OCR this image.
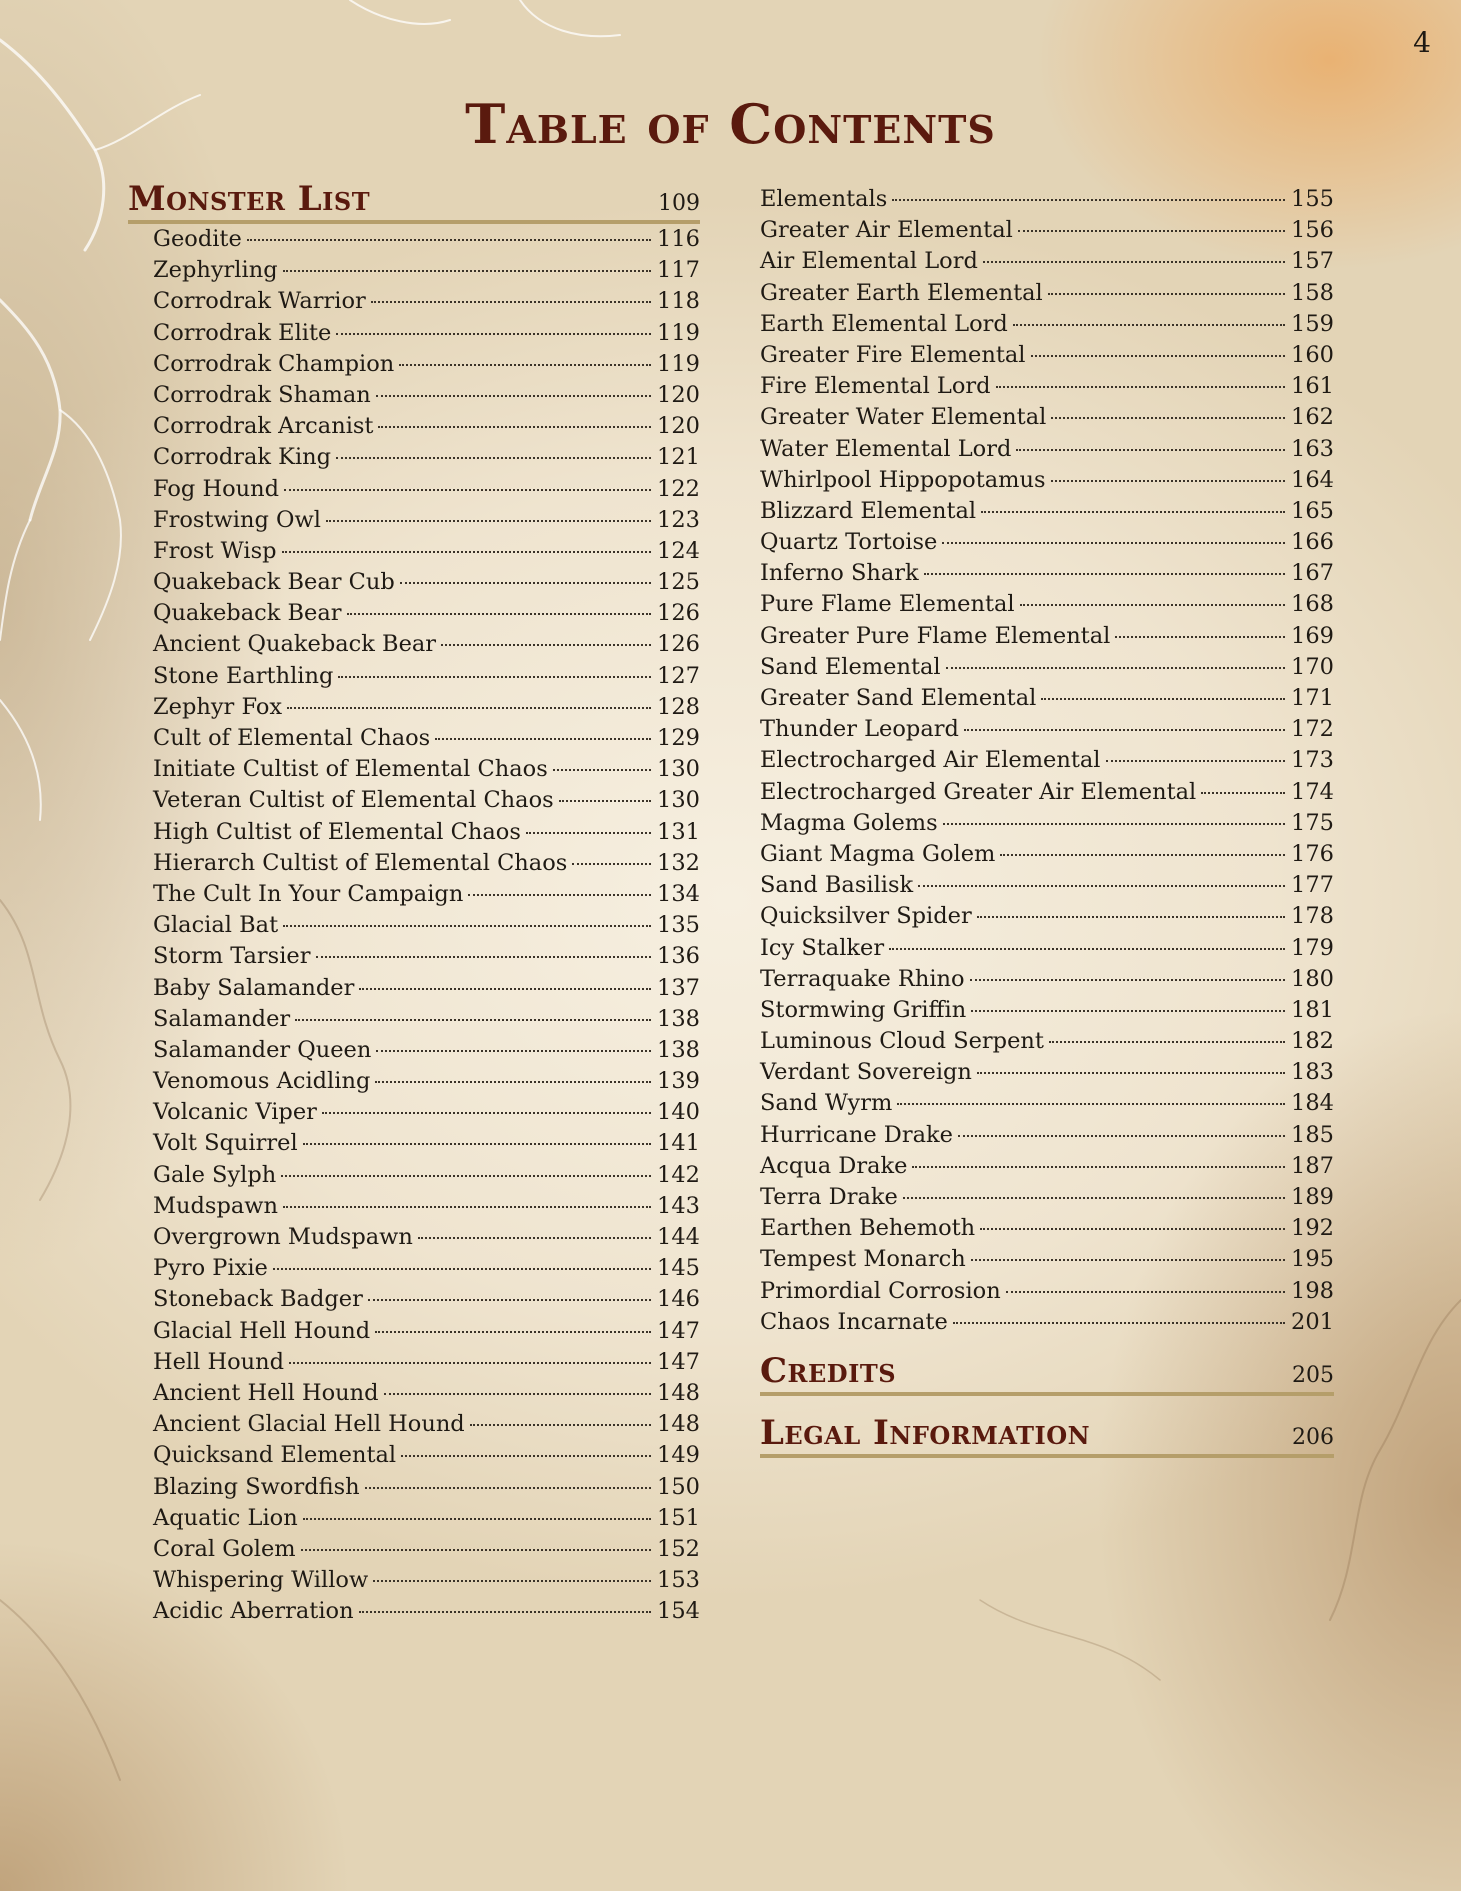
4
Table of Contents
Monster List	109
Geodite	116
Zephyrling	117
Corrodrak Warrior	118
Corrodrak Elite	119
Corrodrak Champion	119
Corrodrak Shaman	120
Corrodrak Arcanist	120
Corrodrak King	121
Fog Hound	122
Frostwing Owl	123
Frost Wisp	124
Quakeback Bear Cub	125
Quakeback Bear	126
Ancient Quakeback Bear	126
Stone Earthling	127
Zephyr Fox	128
Cult of Elemental Chaos	129
Initiate Cultist of Elemental Chaos	130
Veteran Cultist of Elemental Chaos	130
High Cultist of Elemental Chaos	131
Hierarch Cultist of Elemental Chaos	132
The Cult In Your Campaign	134
Glacial Bat	135
Storm Tarsier	136
Baby Salamander	137
Salamander	138
Salamander Queen	138
Venomous Acidling	139
Volcanic Viper	140
Volt Squirrel	141
Gale Sylph	142
Mudspawn	143
Overgrown Mudspawn	144
Pyro Pixie	145
Stoneback Badger	146
Glacial Hell Hound	147
Hell Hound	147
Ancient Hell Hound	148
Ancient Glacial Hell Hound	148
Quicksand Elemental	149
Blazing Swordfish	150
Aquatic Lion	151
Coral Golem	152
Whispering Willow	153
Acidic Aberration	154
Elementals	155
Greater Air Elemental	156
Air Elemental Lord	157
Greater Earth Elemental	158
Earth Elemental Lord	159
Greater Fire Elemental	160
Fire Elemental Lord	161
Greater Water Elemental	162
Water Elemental Lord	163
Whirlpool Hippopotamus	164
Blizzard Elemental	165
Quartz Tortoise	166
Inferno Shark	167
Pure Flame Elemental	168
Greater Pure Flame Elemental	169
Sand Elemental	170
Greater Sand Elemental	171
Thunder Leopard	172
Electrocharged Air Elemental	173
Electrocharged Greater Air Elemental	174
Magma Golems	175
Giant Magma Golem	176
Sand Basilisk	177
Quicksilver Spider	178
Icy Stalker	179
Terraquake Rhino	180
Stormwing Griffin	181
Luminous Cloud Serpent	182
Verdant Sovereign	183
Sand Wyrm	184
Hurricane Drake	185
Acqua Drake	187
Terra Drake	189
Earthen Behemoth	192
Tempest Monarch	195
Primordial Corrosion	198
Chaos Incarnate	201
Credits	205
Legal Information	206
